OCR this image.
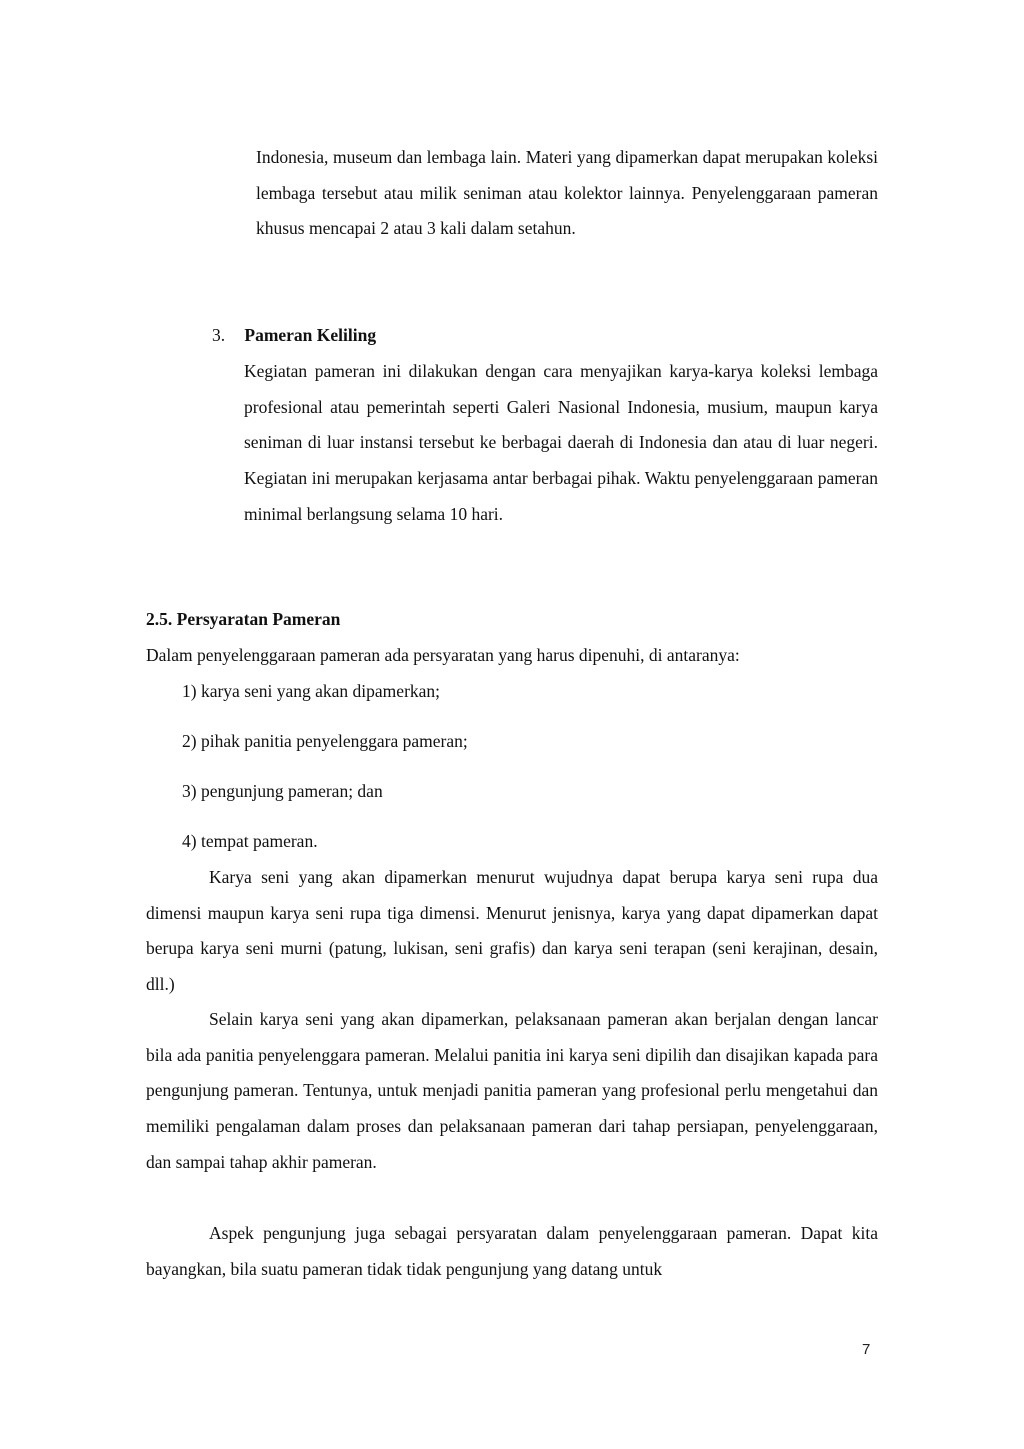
Indonesia, museum dan lembaga lain. Materi yang dipamerkan dapat merupakan koleksi lembaga tersebut atau milik seniman atau kolektor lainnya. Penyelenggaraan pameran khusus mencapai 2 atau 3 kali dalam setahun.
3. Pameran Keliling
Kegiatan pameran ini dilakukan dengan cara menyajikan karya-karya koleksi lembaga profesional atau pemerintah seperti Galeri Nasional Indonesia, musium, maupun karya seniman di luar instansi tersebut ke berbagai daerah di Indonesia dan atau di luar negeri. Kegiatan ini merupakan kerjasama antar berbagai pihak. Waktu penyelenggaraan pameran minimal berlangsung selama 10 hari.
2.5. Persyaratan Pameran
Dalam penyelenggaraan pameran ada persyaratan yang harus dipenuhi, di antaranya:
1) karya seni yang akan dipamerkan;
2) pihak panitia penyelenggara pameran;
3) pengunjung pameran; dan
4) tempat pameran.
Karya seni yang akan dipamerkan menurut wujudnya dapat berupa karya seni rupa dua dimensi maupun karya seni rupa tiga dimensi. Menurut jenisnya, karya yang dapat dipamerkan dapat berupa karya seni murni (patung, lukisan, seni grafis) dan karya seni terapan (seni kerajinan, desain, dll.)
Selain karya seni yang akan dipamerkan, pelaksanaan pameran akan berjalan dengan lancar bila ada panitia penyelenggara pameran. Melalui panitia ini karya seni dipilih dan disajikan kapada para pengunjung pameran. Tentunya, untuk menjadi panitia pameran yang profesional perlu mengetahui dan memiliki pengalaman dalam proses dan pelaksanaan pameran dari tahap persiapan, penyelenggaraan, dan sampai tahap akhir pameran.
Aspek pengunjung juga sebagai persyaratan dalam penyelenggaraan pameran. Dapat kita bayangkan, bila suatu pameran tidak tidak pengunjung yang datang untuk
7
